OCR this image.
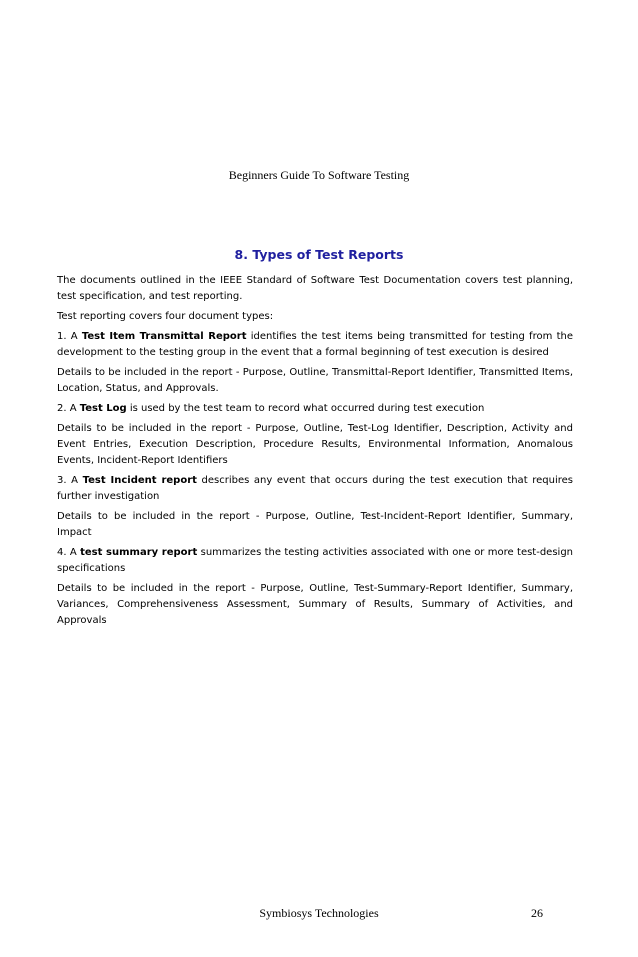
Beginners Guide To Software Testing
8. Types of Test Reports

The documents outlined in the IEEE Standard of Software Test Documentation covers test planning, test specification, and test reporting.

Test reporting covers four document types:

1. A Test Item Transmittal Report identifies the test items being transmitted for testing from the development to the testing group in the event that a formal beginning of test execution is desired

Details to be included in the report - Purpose, Outline, Transmittal-Report Identifier, Transmitted Items, Location, Status, and Approvals.

2. A Test Log is used by the test team to record what occurred during test execution

Details to be included in the report - Purpose, Outline, Test-Log Identifier, Description, Activity and Event Entries, Execution Description, Procedure Results, Environmental Information, Anomalous Events, Incident-Report Identifiers

3. A Test Incident report describes any event that occurs during the test execution that requires further investigation

Details to be included in the report - Purpose, Outline, Test-Incident-Report Identifier, Summary, Impact

4. A test summary report summarizes the testing activities associated with one or more test-design specifications

Details to be included in the report - Purpose, Outline, Test-Summary-Report Identifier, Summary, Variances, Comprehensiveness Assessment, Summary of Results, Summary of Activities, and Approvals

Symbiosys Technologies	26
